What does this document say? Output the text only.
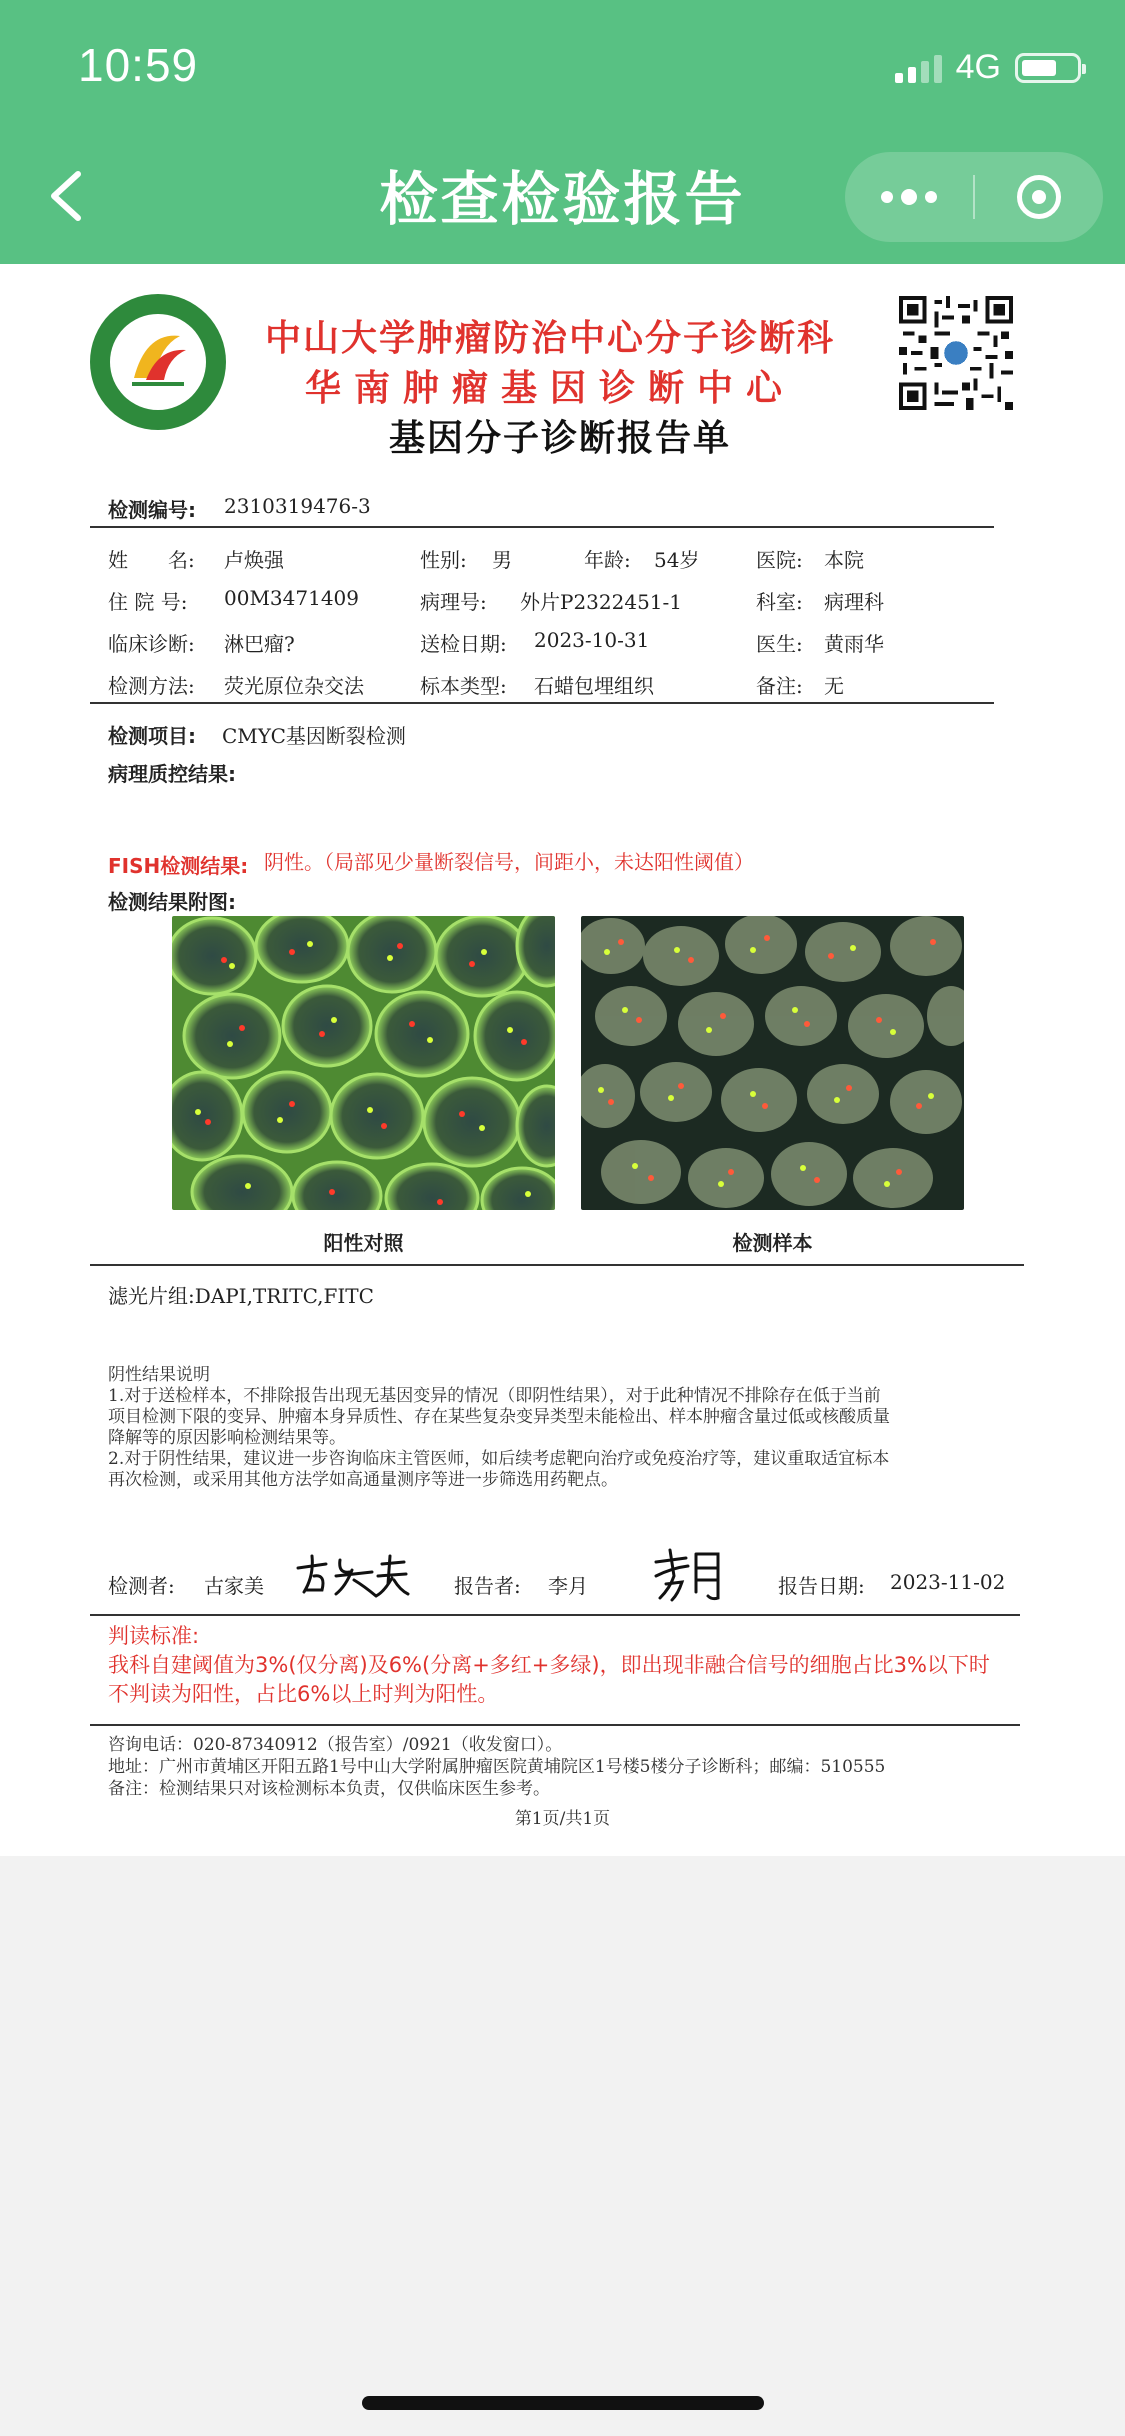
10:59	4G
检查检验报告
中山大学肿瘤防治中心分子诊断科
华南肿瘤基因诊断中心
基因分子诊断报告单
检测编号: 2310319476-3
姓　　名: 卢焕强	性别: 男	年龄: 54岁	医院: 本院
住 院 号: 00M3471409	病理号: 外片P2322451-1	科室: 病理科
临床诊断: 淋巴瘤?	送检日期: 2023-10-31	医生: 黄雨华
检测方法: 荧光原位杂交法	标本类型: 石蜡包埋组织	备注: 无
检测项目: CMYC基因断裂检测
病理质控结果:
FISH检测结果: 阴性。（局部见少量断裂信号，间距小，未达阳性阈值）
检测结果附图:
阳性对照	检测样本
滤光片组:DAPI,TRITC,FITC

阴性结果说明

1.对于送检样本，不排除报告出现无基因变异的情况（即阴性结果），对于此种情况不排除存在低于当前

项目检测下限的变异、肿瘤本身异质性、存在某些复杂变异类型未能检出、样本肿瘤含量过低或核酸质量

降解等的原因影响检测结果等。

2.对于阴性结果，建议进一步咨询临床主管医师，如后续考虑靶向治疗或免疫治疗等，建议重取适宜标本

再次检测，或采用其他方法学如高通量测序等进一步筛选用药靶点。

检测者: 古家美	报告者: 李月	报告日期: 2023-11-02

判读标准:

我科自建阈值为3%(仅分离)及6%(分离+多红+多绿)，即出现非融合信号的细胞占比3%以下时

不判读为阳性，占比6%以上时判为阳性。

咨询电话：020-87340912（报告室）/0921（收发窗口）。

地址：广州市黄埔区开阳五路1号中山大学附属肿瘤医院黄埔院区1号楼5楼分子诊断科；邮编：510555

备注：检测结果只对该检测标本负责，仅供临床医生参考。

第1页/共1页
